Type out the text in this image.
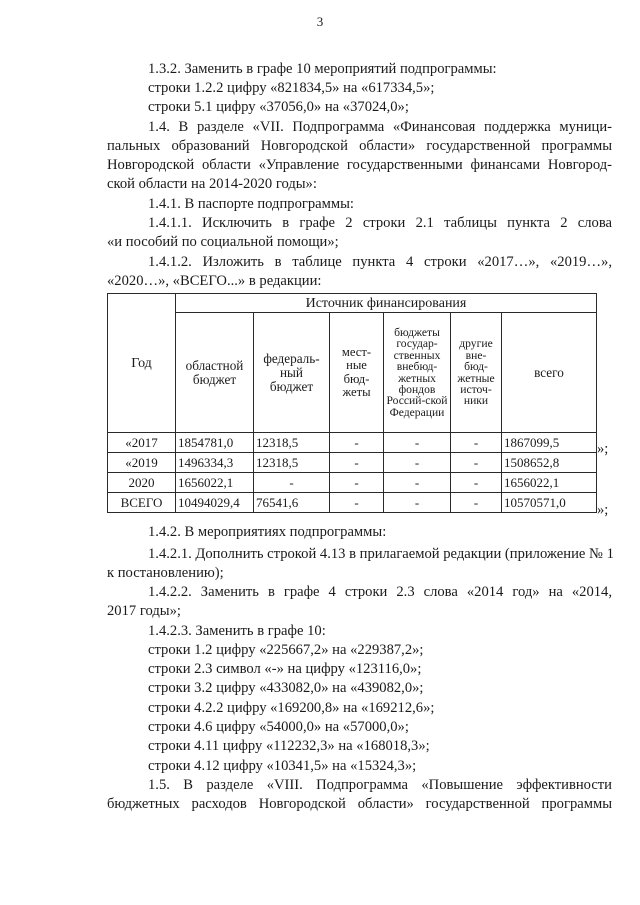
3
1.3.2. Заменить в графе 10 мероприятий подпрограммы:
строки 1.2.2 цифру «821834,5» на «617334,5»;
строки 5.1 цифру «37056,0» на «37024,0»;
1.4. В разделе «VII. Подпрограмма «Финансовая поддержка муници-
пальных образований Новгородской области» государственной программы
Новгородской области «Управление государственными финансами Новгород-
ской области на 2014-2020 годы»:
1.4.1. В паспорте подпрограммы:
1.4.1.1. Исключить в графе 2 строки 2.1 таблицы пункта 2 слова
«и пособий по социальной помощи»;
1.4.1.2. Изложить в таблице пункта 4 строки «2017…», «2019…»,
«2020…», «ВСЕГО...» в редакции:
Год	Источник финансирования					

	областной бюджет	федераль-ный бюджет	мест-ные бюд-жеты	бюджеты государ-ственных внебюд-жетных фондов Россий-ской Федерации	другие вне-бюд-жетные источ-ники	всего
«2017	1854781,0	12318,5	-	-	-	1867099,5
«2019	1496334,3	12318,5	-	-	-	1508652,8
2020	1656022,1	-	-	-	-	1656022,1
ВСЕГО	10494029,4	76541,6	-	-	-	10570571,0
»;
»;
1.4.2. В мероприятиях подпрограммы:
1.4.2.1. Дополнить строкой 4.13 в прилагаемой редакции (приложение № 1
к постановлению);
1.4.2.2. Заменить в графе 4 строки 2.3 слова «2014 год» на «2014,
2017 годы»;
1.4.2.3. Заменить в графе 10:
строки 1.2 цифру «225667,2» на «229387,2»;
строки 2.3 символ «-» на цифру «123116,0»;
строки 3.2 цифру «433082,0» на «439082,0»;
строки 4.2.2 цифру «169200,8» на «169212,6»;
строки 4.6 цифру «54000,0» на «57000,0»;
строки 4.11 цифру «112232,3» на «168018,3»;
строки 4.12 цифру «10341,5» на «15324,3»;
1.5. В разделе «VIII. Подпрограмма «Повышение эффективности
бюджетных расходов Новгородской области» государственной программы
